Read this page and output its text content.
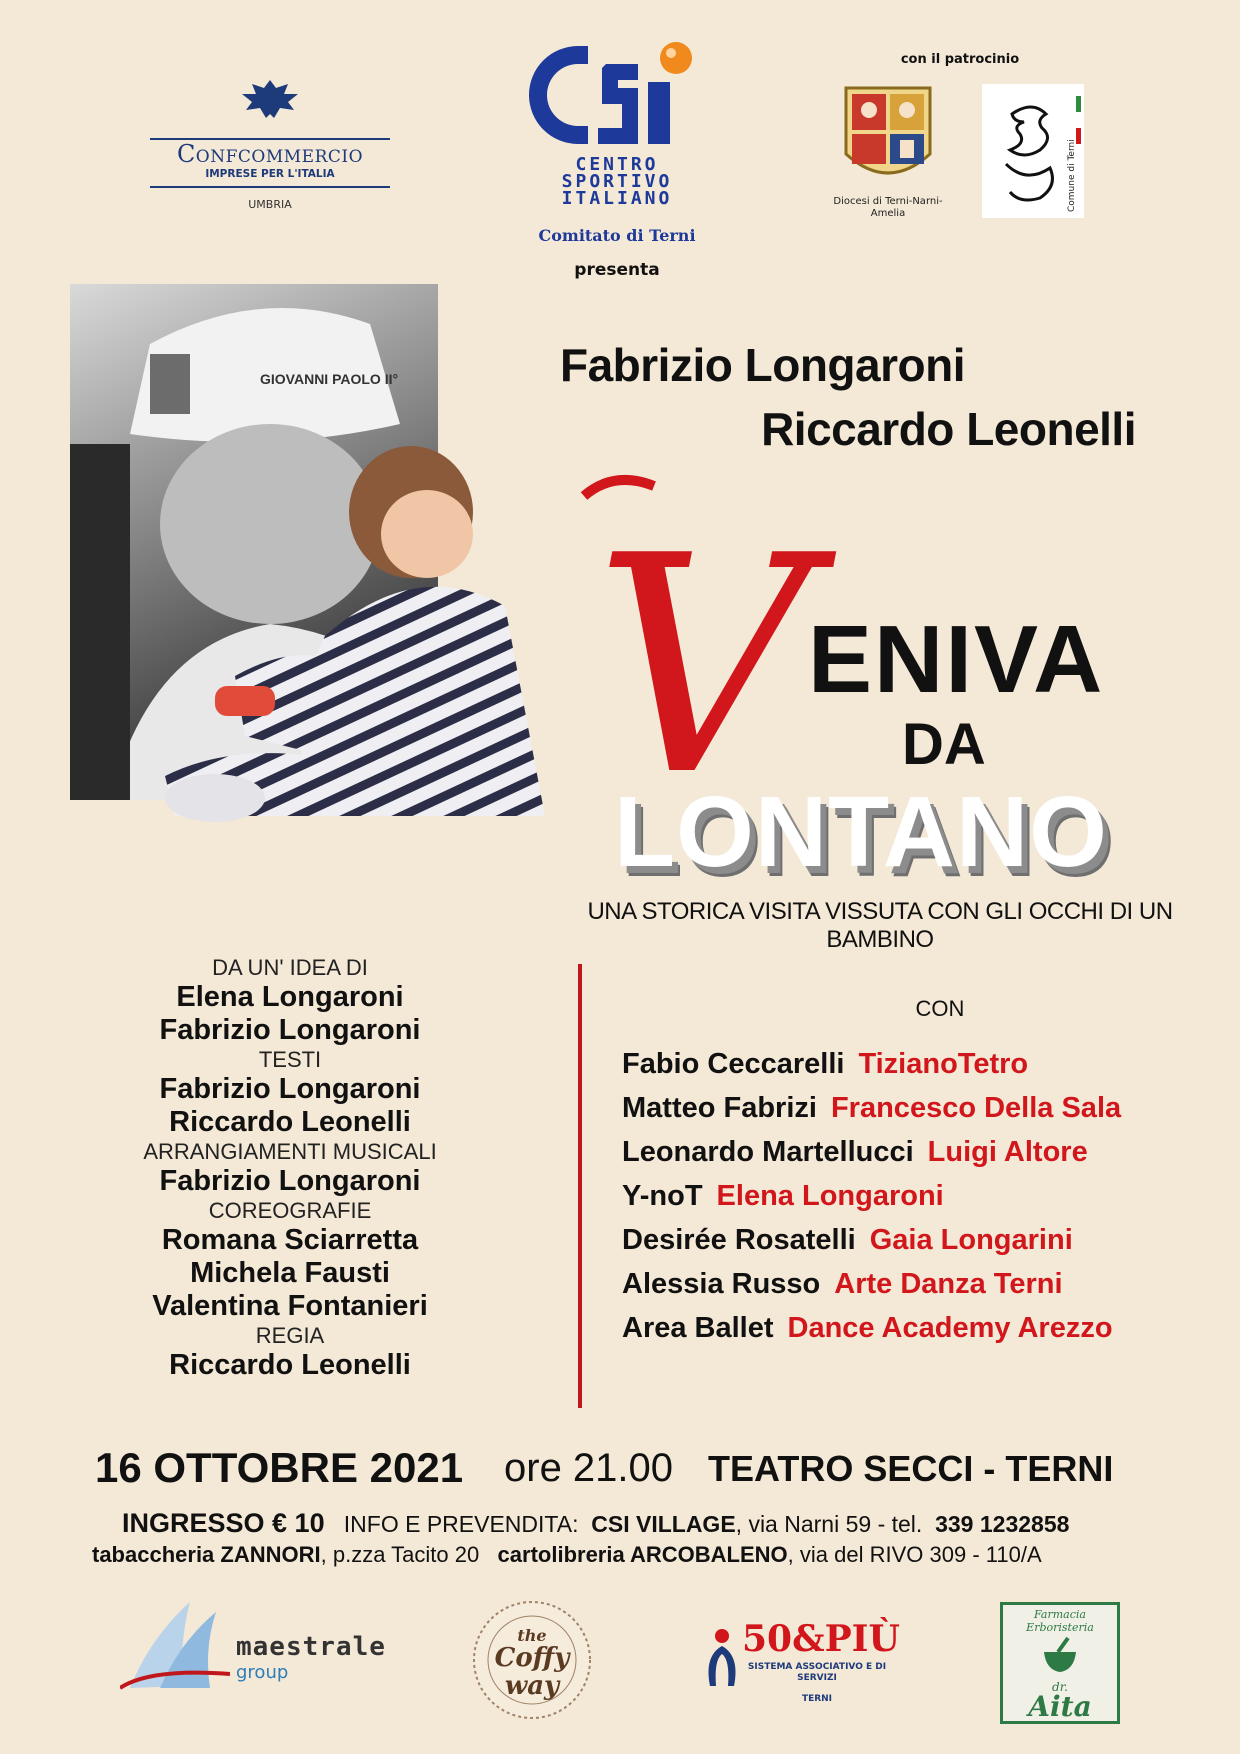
Confcommercio
IMPRESE PER L'ITALIA
UMBRIA
CENTRO
SPORTIVO
ITALIANO
Comitato di Terni
presenta
con il patrocinio
Diocesi di Terni-Narni-Amelia
Comune di Terni
GIOVANNI PAOLO II°	Fabrizio Longaroni
Riccardo Leonelli
V
ENIVA
DA
LONTANO
UNA STORICA VISITA VISSUTA CON GLI OCCHI DI UN BAMBINO
DA UN' IDEA DI
Elena Longaroni
Fabrizio Longaroni
TESTI
Fabrizio Longaroni
Riccardo Leonelli
ARRANGIAMENTI MUSICALI
Fabrizio Longaroni
COREOGRAFIE
Romana Sciarretta
Michela Fausti
Valentina Fontanieri
REGIA
Riccardo Leonelli
CON
Fabio Ceccarelli TizianoTetro
Matteo Fabrizi Francesco Della Sala
Leonardo Martellucci Luigi Altore
Y-noT Elena Longaroni
Desirée Rosatelli Gaia Longarini
Alessia Russo Arte Danza Terni
Area Ballet Dance Academy Arezzo
16 OTTOBRE 2021 ore 21.00 TEATRO SECCI - TERNI
INGRESSO € 10 INFO E PREVENDITA: CSI VILLAGE, via Narni 59 - tel. 339 1232858
tabaccheria ZANNORI, p.zza Tacito 20 cartolibreria ARCOBALENO, via del RIVO 309 - 110/A
maestrale
group
the
Coffy
way
50&PIÙ
SISTEMA ASSOCIATIVO E DI SERVIZI
TERNI
Farmacia Erboristeria
dr.
Aita
